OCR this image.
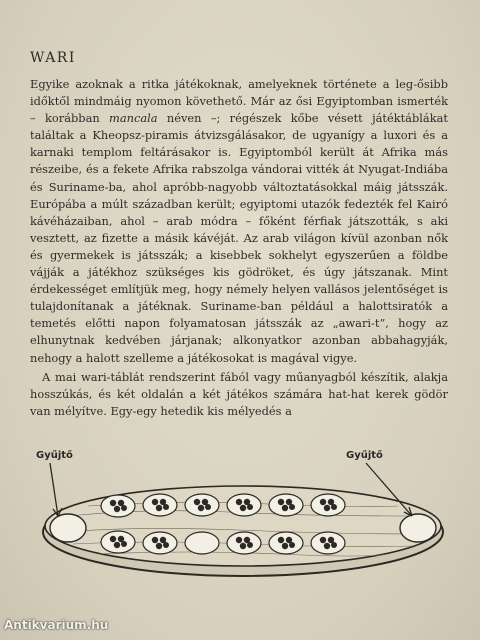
WARI

Egyike azoknak a ritka játékoknak, amelyeknek története a leg-ősibb időktől mindmáig nyomon követhető. Már az ősi Egyiptomban ismerték – korábban mancala néven –; régészek kőbe vésett játéktáblákat találtak a Kheopsz-piramis átvizsgálásakor, de ugyanígy a luxori és a karnaki templom feltárásakor is. Egyiptomból került át Afrika más részeibe, és a fekete Afrika rabszolga vándorai vitték át Nyugat-Indiába és Suriname-ba, ahol apróbb-nagyobb változtatásokkal máig játsszák. Európába a múlt században került; egyiptomi utazók fedezték fel Kairó kávéházaiban, ahol – arab módra – főként férfiak játszották, s aki vesztett, az fizette a másik kávéját. Az arab világon kívül azonban nők és gyermekek is játsszák; a kisebbek sokhelyt egyszerűen a földbe vájják a játékhoz szükséges kis gödröket, és úgy játszanak. Mint érdekességet említjük meg, hogy némely helyen vallásos jelentőséget is tulajdonítanak a játéknak. Suriname-ban például a halottsiratók a temetés előtti napon folyamatosan játsszák az „awari-t”, hogy az elhunytnak kedvében járjanak; alkonyatkor azonban abbahagyják, nehogy a halott szelleme a játékosokat is magával vigye.

A mai wari-táblát rendszerint fából vagy műanyagból készítik, alakja hosszúkás, és két oldalán a két játékos számára hat-hat kerek gödör van mélyítve. Egy-egy hetedik kis mélyedés a

Gyűjtő	Gyűjtő
Antikvarium.hu
